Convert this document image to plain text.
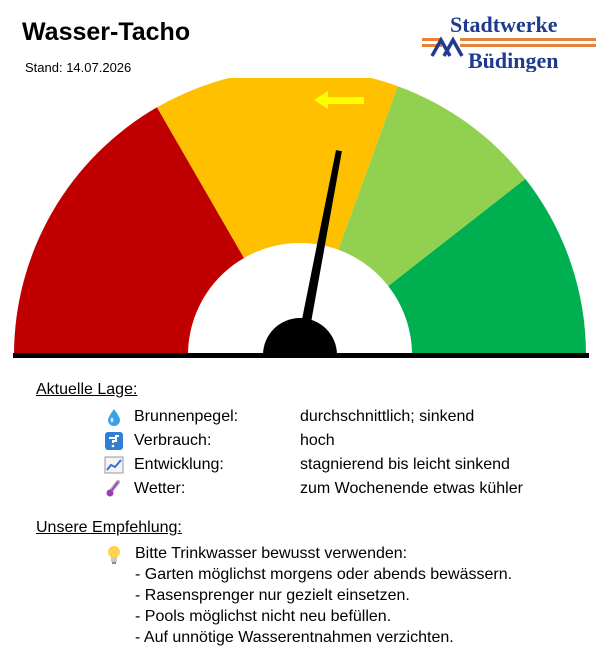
Wasser-Tacho
Stand: 14.07.2026
Stadtwerke
Büdingen
Aktuelle Lage:
Brunnenpegel:	durchschnittlich; sinkend
Verbrauch:	hoch
Entwicklung:	stagnierend bis leicht sinkend
Wetter:	zum Wochenende etwas kühler
Unsere Empfehlung:
Bitte Trinkwasser bewusst verwenden:
- Garten möglichst morgens oder abends bewässern.
- Rasensprenger nur gezielt einsetzen.
- Pools möglichst nicht neu befüllen.
- Auf unnötige Wasserentnahmen verzichten.
